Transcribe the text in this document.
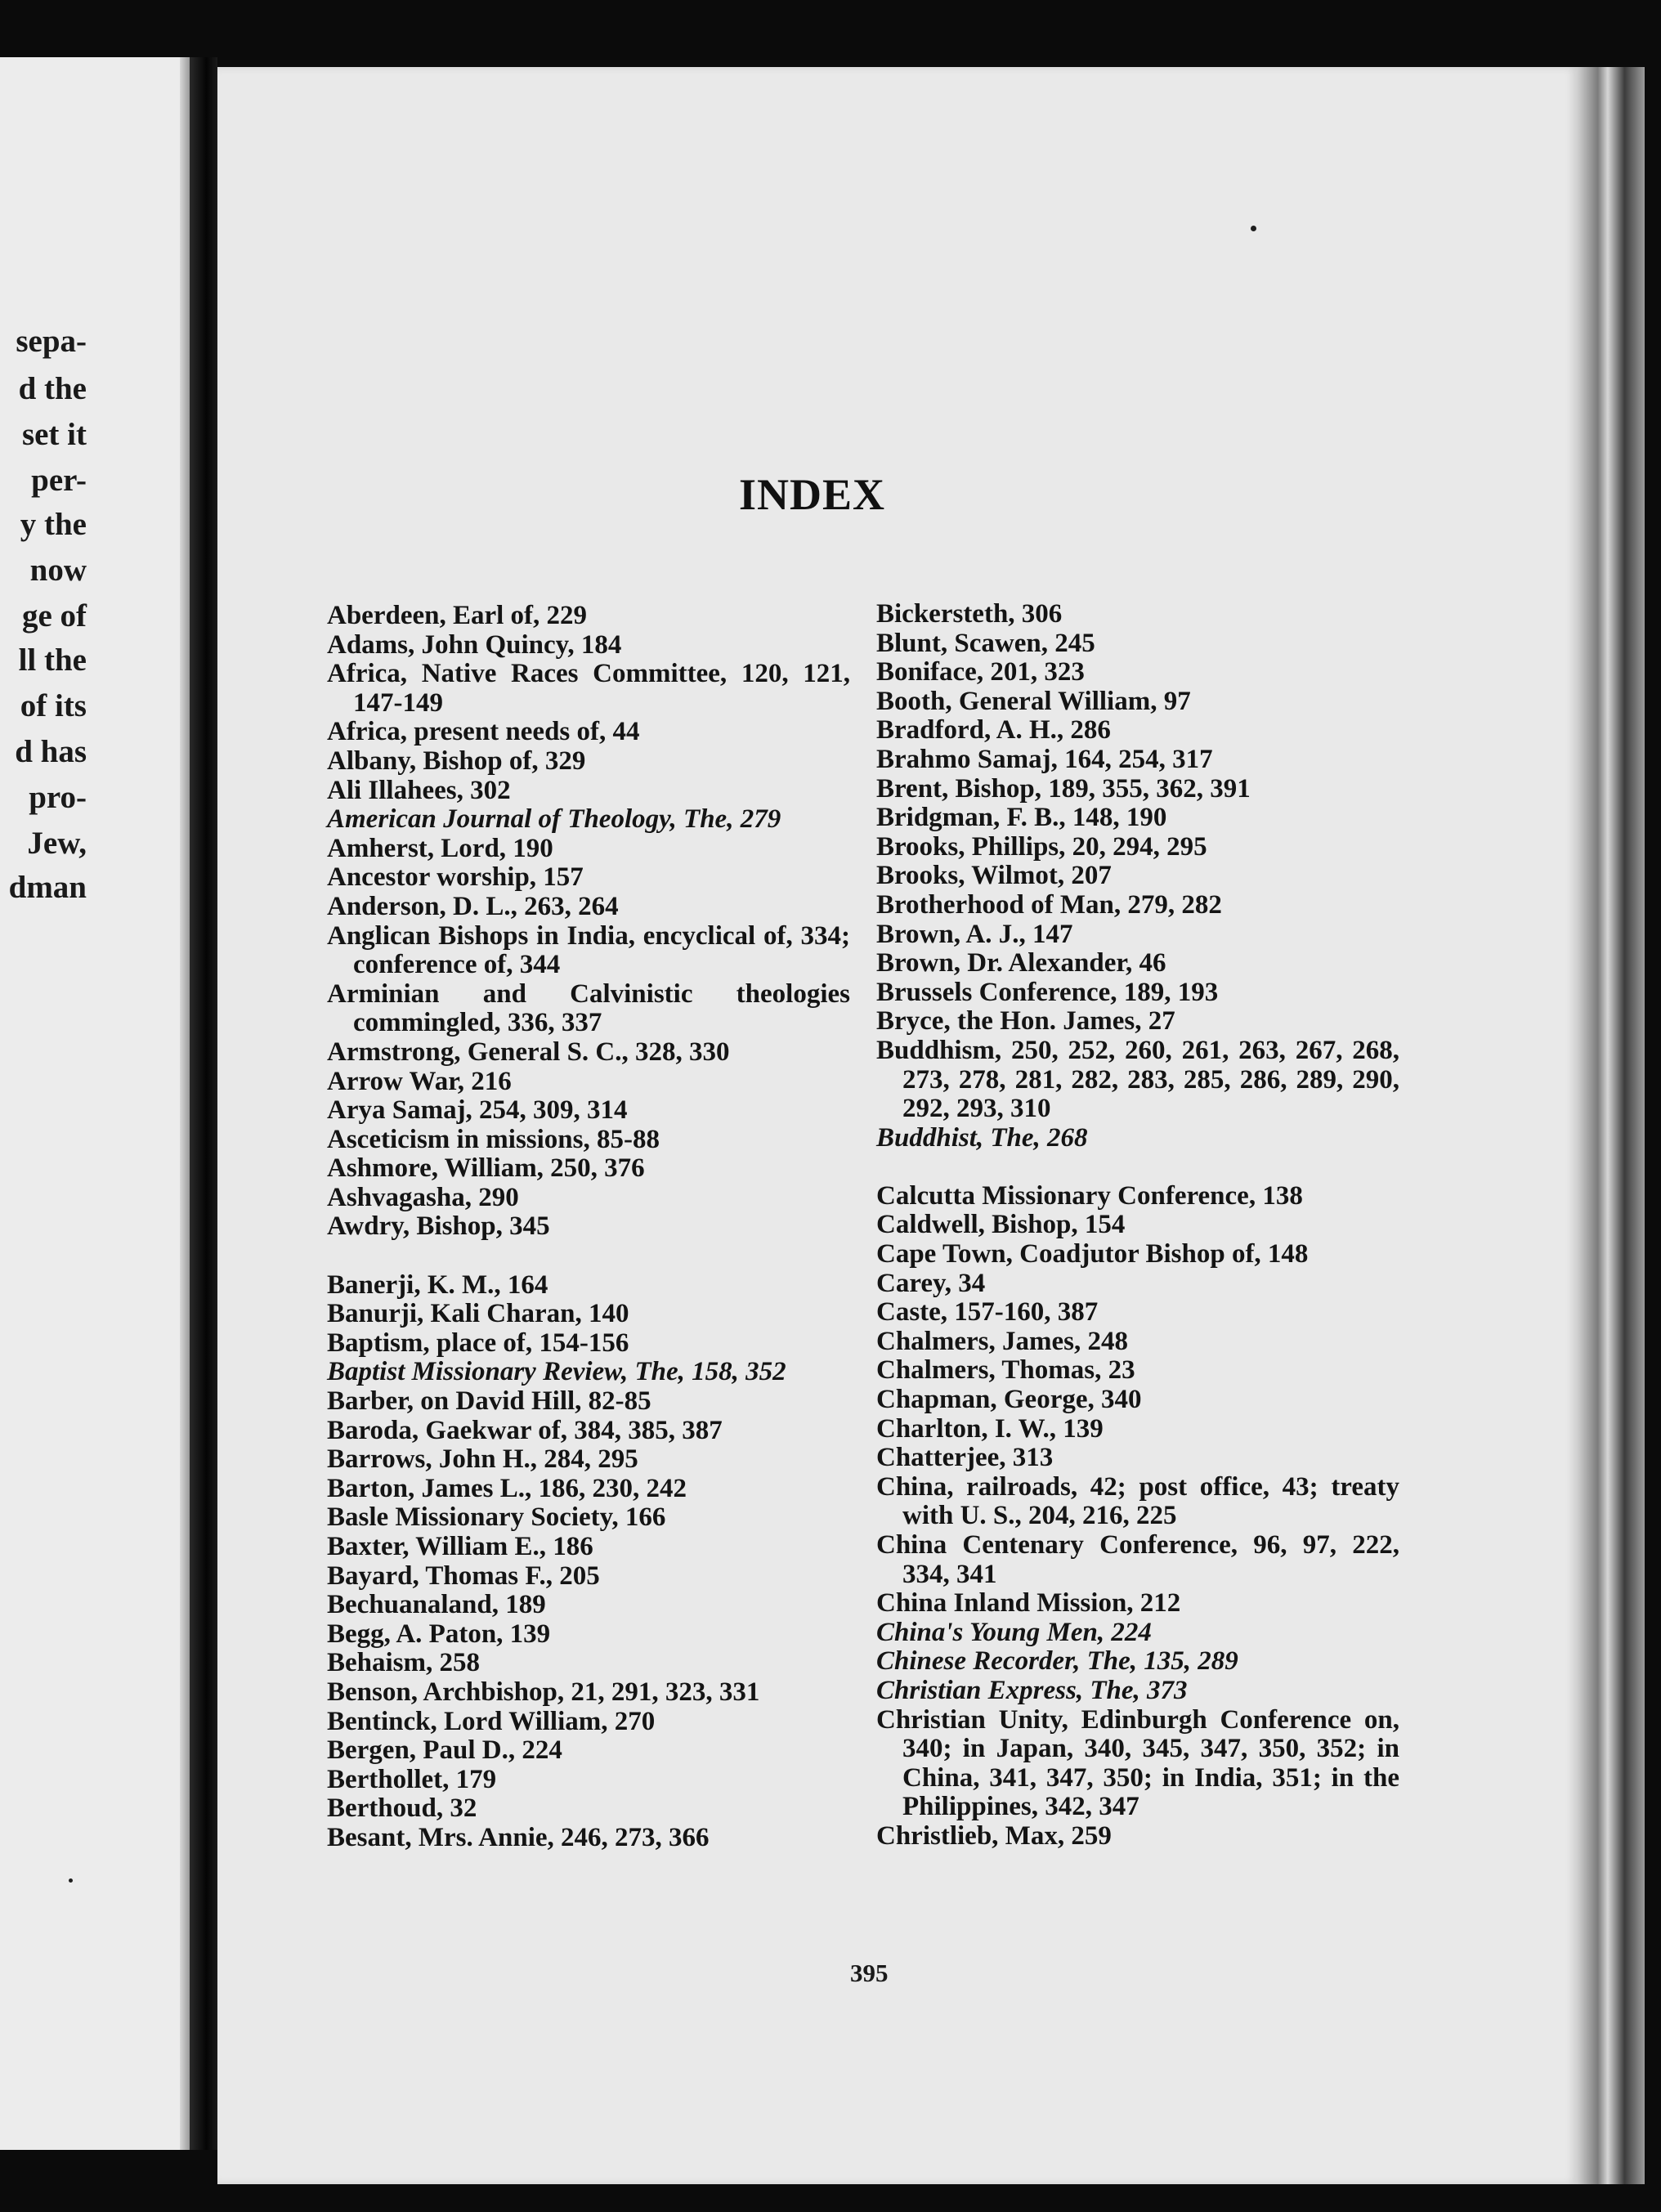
sepa-
d the
set it
per-
y the
now
ge of
ll the
of its
d has
pro-
Jew,
dman
INDEX

Aberdeen, Earl of, 229

Adams, John Quincy, 184

Africa, Native Races Committee, 120, 121, 147-149

Africa, present needs of, 44

Albany, Bishop of, 329

Ali Illahees, 302

American Journal of Theology, The, 279

Amherst, Lord, 190

Ancestor worship, 157

Anderson, D. L., 263, 264

Anglican Bishops in India, encyclical of, 334; conference of, 344

Arminian and Calvinistic theologies commingled, 336, 337

Armstrong, General S. C., 328, 330

Arrow War, 216

Arya Samaj, 254, 309, 314

Asceticism in missions, 85-88

Ashmore, William, 250, 376

Ashvagasha, 290

Awdry, Bishop, 345

Banerji, K. M., 164

Banurji, Kali Charan, 140

Baptism, place of, 154-156

Baptist Missionary Review, The, 158, 352

Barber, on David Hill, 82-85

Baroda, Gaekwar of, 384, 385, 387

Barrows, John H., 284, 295

Barton, James L., 186, 230, 242

Basle Missionary Society, 166

Baxter, William E., 186

Bayard, Thomas F., 205

Bechuanaland, 189

Begg, A. Paton, 139

Behaism, 258

Benson, Archbishop, 21, 291, 323, 331

Bentinck, Lord William, 270

Bergen, Paul D., 224

Berthollet, 179

Berthoud, 32

Besant, Mrs. Annie, 246, 273, 366

Bickersteth, 306

Blunt, Scawen, 245

Boniface, 201, 323

Booth, General William, 97

Bradford, A. H., 286

Brahmo Samaj, 164, 254, 317

Brent, Bishop, 189, 355, 362, 391

Bridgman, F. B., 148, 190

Brooks, Phillips, 20, 294, 295

Brooks, Wilmot, 207

Brotherhood of Man, 279, 282

Brown, A. J., 147

Brown, Dr. Alexander, 46

Brussels Conference, 189, 193

Bryce, the Hon. James, 27

Buddhism, 250, 252, 260, 261, 263, 267, 268, 273, 278, 281, 282, 283, 285, 286, 289, 290, 292, 293, 310

Buddhist, The, 268

Calcutta Missionary Conference, 138

Caldwell, Bishop, 154

Cape Town, Coadjutor Bishop of, 148

Carey, 34

Caste, 157-160, 387

Chalmers, James, 248

Chalmers, Thomas, 23

Chapman, George, 340

Charlton, I. W., 139

Chatterjee, 313

China, railroads, 42; post office, 43; treaty with U. S., 204, 216, 225

China Centenary Conference, 96, 97, 222, 334, 341

China Inland Mission, 212

China's Young Men, 224

Chinese Recorder, The, 135, 289

Christian Express, The, 373

Christian Unity, Edinburgh Conference on, 340; in Japan, 340, 345, 347, 350, 352; in China, 341, 347, 350; in India, 351; in the Philippines, 342, 347

Christlieb, Max, 259

395
